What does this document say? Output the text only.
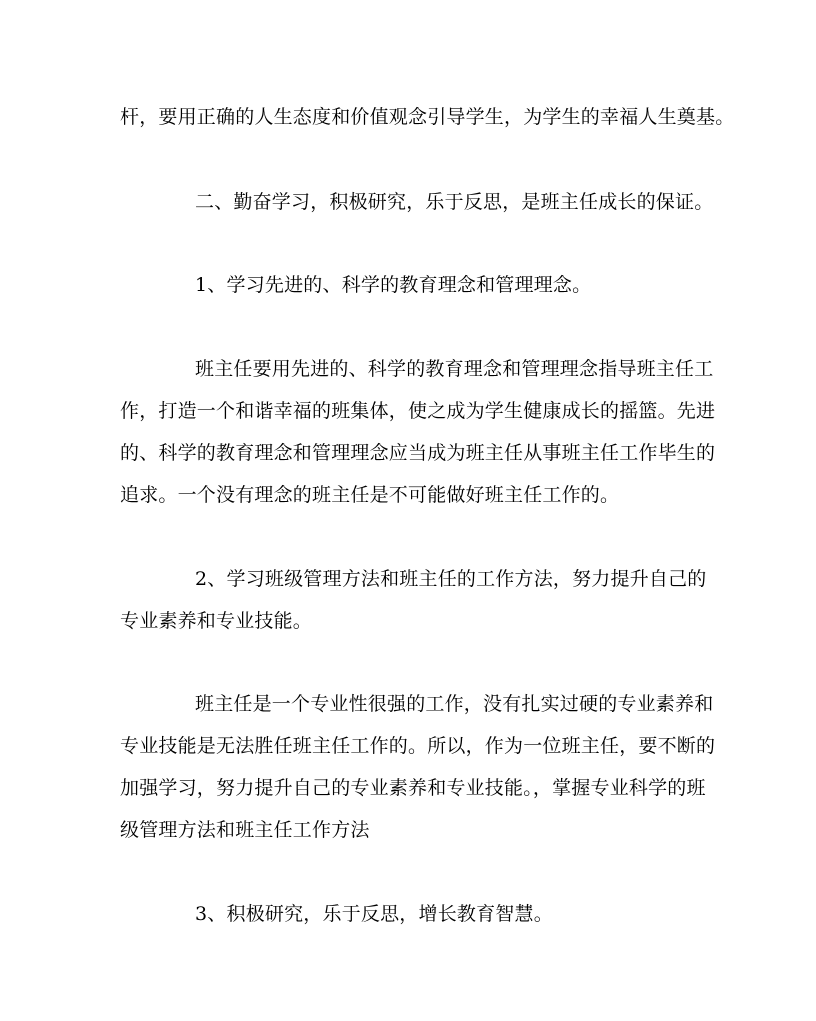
杆，要用正确的人生态度和价值观念引导学生，为学生的幸福人生奠基。
二、勤奋学习，积极研究，乐于反思，是班主任成长的保证。
1、学习先进的、科学的教育理念和管理理念。
班主任要用先进的、科学的教育理念和管理理念指导班主任工
作，打造一个和谐幸福的班集体，使之成为学生健康成长的摇篮。先进
的、科学的教育理念和管理理念应当成为班主任从事班主任工作毕生的
追求。一个没有理念的班主任是不可能做好班主任工作的。
2、学习班级管理方法和班主任的工作方法，努力提升自己的
专业素养和专业技能。
班主任是一个专业性很强的工作，没有扎实过硬的专业素养和
专业技能是无法胜任班主任工作的。所以，作为一位班主任，要不断的
加强学习，努力提升自己的专业素养和专业技能。，掌握专业科学的班
级管理方法和班主任工作方法
3、积极研究，乐于反思，增长教育智慧。
